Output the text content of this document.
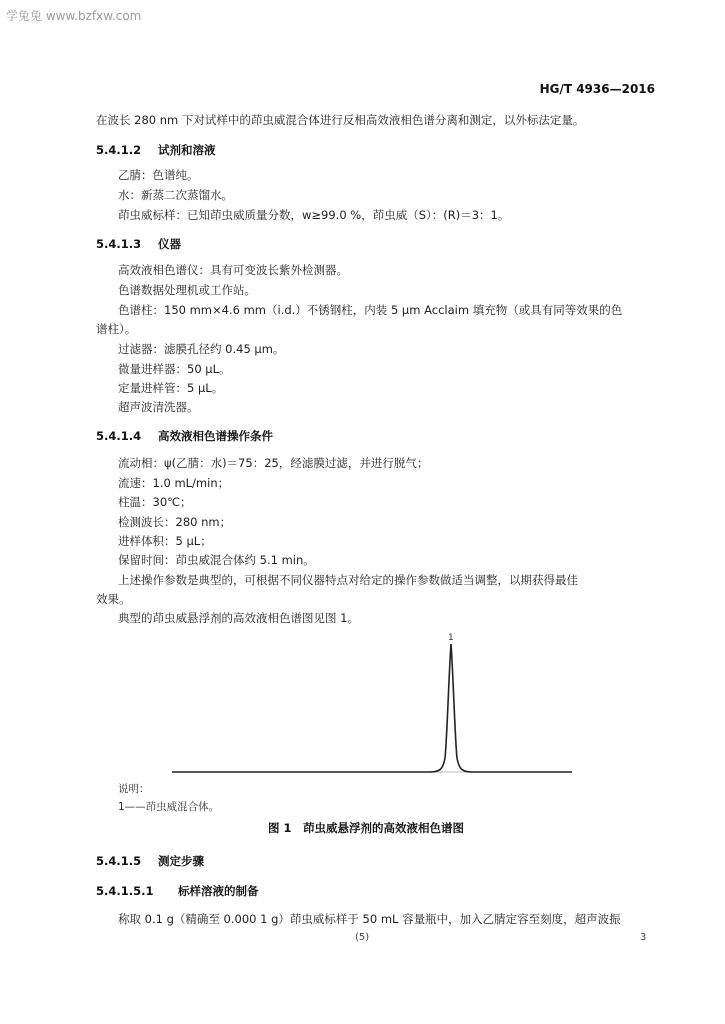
学兔兔 www.bzfxw.com
HG/T 4936—2016
在波长 280 nm 下对试样中的茚虫威混合体进行反相高效液相色谱分离和测定，以外标法定量。
5.4.1.2 试剂和溶液
乙腈：色谱纯。
水：新蒸二次蒸馏水。
茚虫威标样：已知茚虫威质量分数，w≥99.0 %，茚虫威（S）：(R)＝3：1。
5.4.1.3 仪器
高效液相色谱仪：具有可变波长紫外检测器。
色谱数据处理机或工作站。
色谱柱：150 mm×4.6 mm（i.d.）不锈钢柱，内装 5 μm Acclaim 填充物（或具有同等效果的色
谱柱）。
过滤器：滤膜孔径约 0.45 μm。
微量进样器：50 μL。
定量进样管：5 μL。
超声波清洗器。
5.4.1.4 高效液相色谱操作条件
流动相：ψ(乙腈：水)＝75：25，经滤膜过滤，并进行脱气；
流速：1.0 mL/min；
柱温：30℃；
检测波长：280 nm；
进样体积：5 μL；
保留时间：茚虫威混合体约 5.1 min。
上述操作参数是典型的，可根据不同仪器特点对给定的操作参数做适当调整，以期获得最佳
效果。
典型的茚虫威悬浮剂的高效液相色谱图见图 1。
1
说明：
1——茚虫威混合体。
图 1　茚虫威悬浮剂的高效液相色谱图
5.4.1.5 测定步骤
5.4.1.5.1 标样溶液的制备
称取 0.1 g（精确至 0.000 1 g）茚虫威标样于 50 mL 容量瓶中，加入乙腈定容至刻度，超声波振
(5)	3
